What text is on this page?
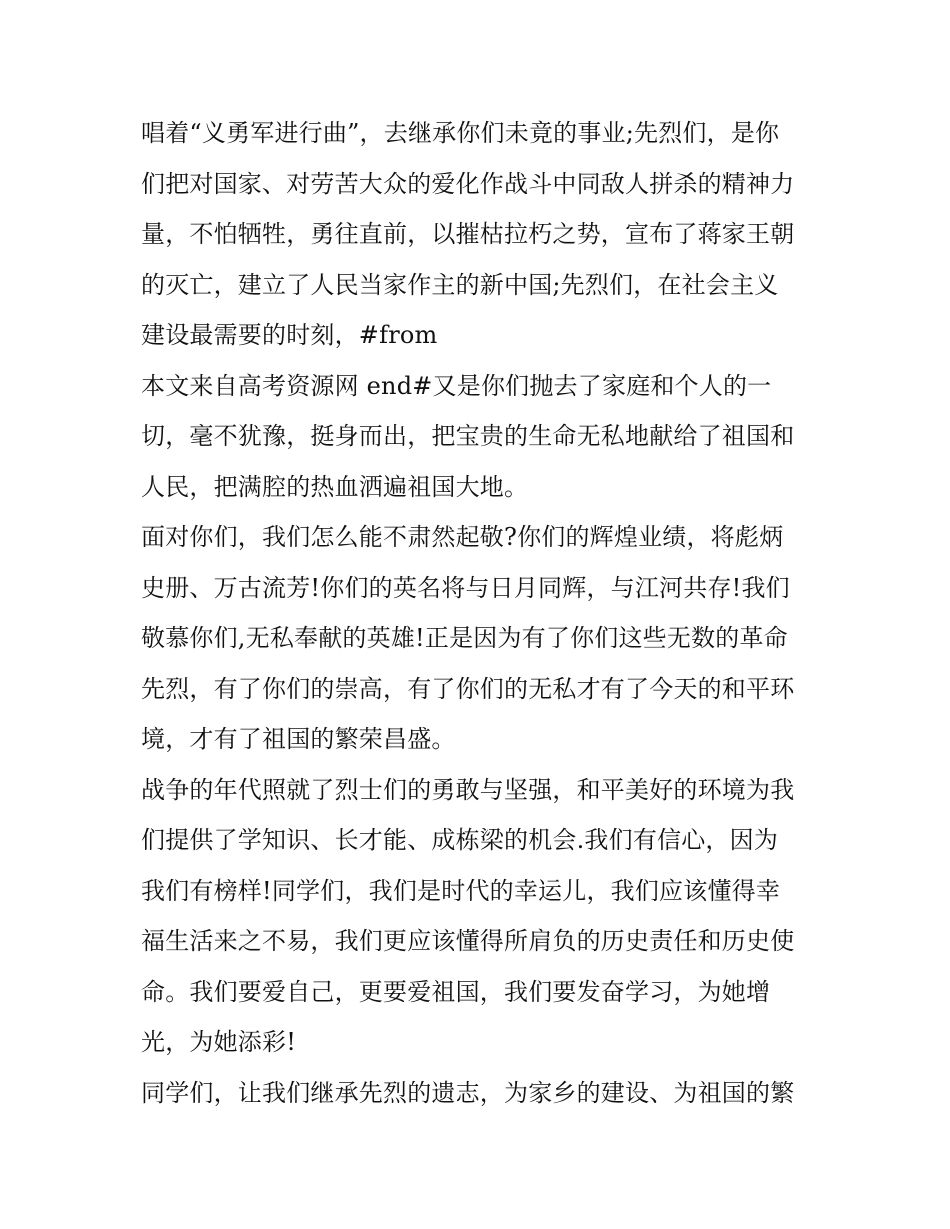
唱着“义勇军进行曲”，去继承你们未竟的事业;先烈们，是你
们把对国家、对劳苦大众的爱化作战斗中同敌人拼杀的精神力
量，不怕牺牲，勇往直前，以摧枯拉朽之势，宣布了蒋家王朝
的灭亡，建立了人民当家作主的新中国;先烈们，在社会主义
建设最需要的时刻，#from
本文来自高考资源网 end#又是你们抛去了家庭和个人的一
切，毫不犹豫，挺身而出，把宝贵的生命无私地献给了祖国和
人民，把满腔的热血洒遍祖国大地。
面对你们，我们怎么能不肃然起敬?你们的辉煌业绩，将彪炳
史册、万古流芳!你们的英名将与日月同辉，与江河共存!我们
敬慕你们,无私奉献的英雄!正是因为有了你们这些无数的革命
先烈，有了你们的崇高，有了你们的无私才有了今天的和平环
境，才有了祖国的繁荣昌盛。
战争的年代照就了烈士们的勇敢与坚强，和平美好的环境为我
们提供了学知识、长才能、成栋梁的机会.我们有信心，因为
我们有榜样!同学们，我们是时代的幸运儿，我们应该懂得幸
福生活来之不易，我们更应该懂得所肩负的历史责任和历史使
命。我们要爱自己，更要爱祖国，我们要发奋学习，为她增
光，为她添彩!
同学们，让我们继承先烈的遗志，为家乡的建设、为祖国的繁
